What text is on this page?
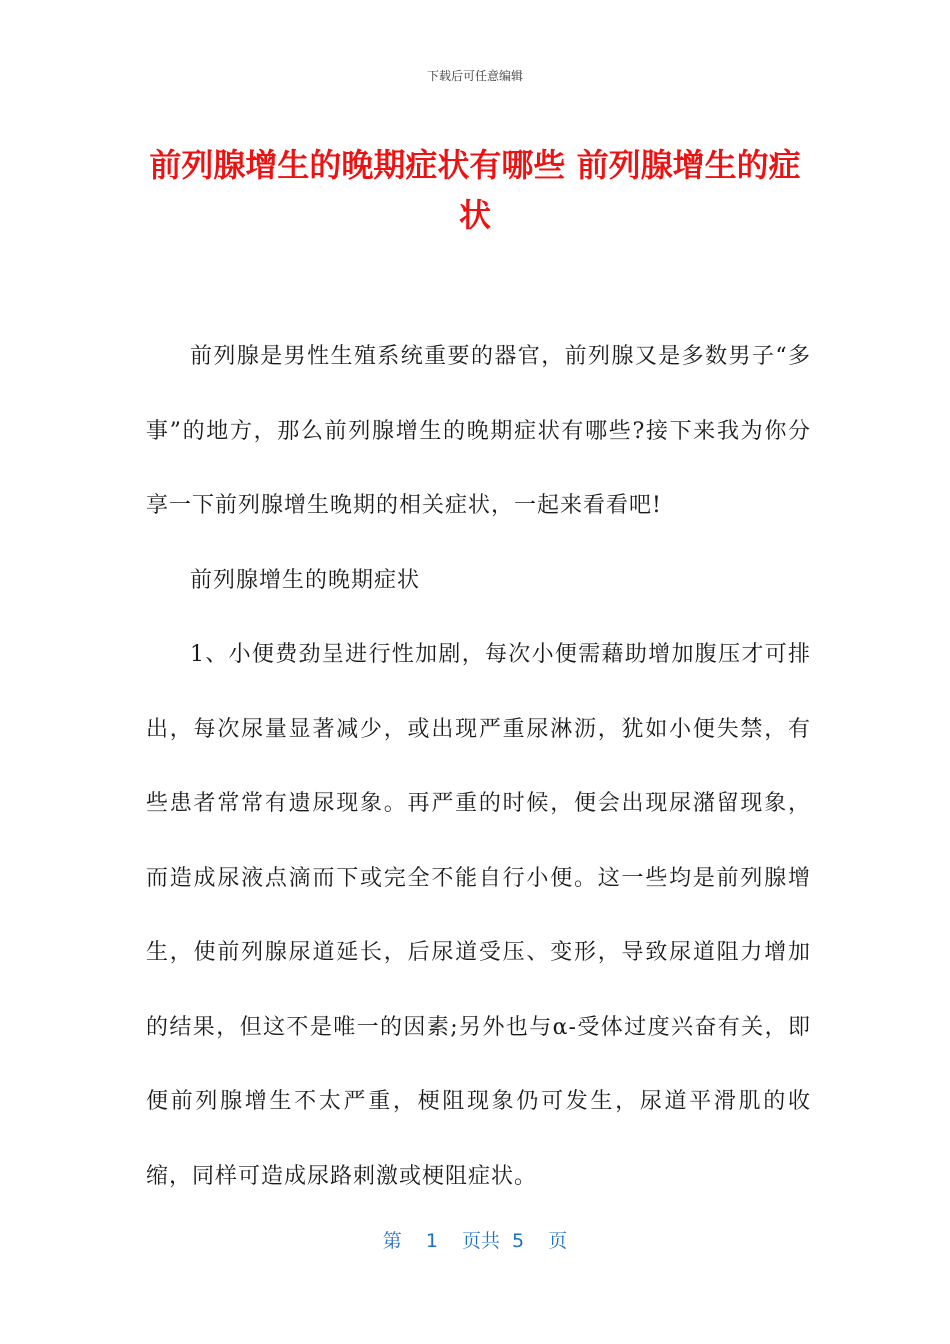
下载后可任意编辑
前列腺增生的晚期症状有哪些 前列腺增生的症状

前列腺是男性生殖系统重要的器官，前列腺又是多数男子“多事”的地方，那么前列腺增生的晚期症状有哪些?接下来我为你分享一下前列腺增生晚期的相关症状，一起来看看吧!

前列腺增生的晚期症状

1、小便费劲呈进行性加剧，每次小便需藉助增加腹压才可排出，每次尿量显著减少，或出现严重尿淋沥，犹如小便失禁，有些患者常常有遗尿现象。再严重的时候，便会出现尿潴留现象，而造成尿液点滴而下或完全不能自行小便。这一些均是前列腺增生，使前列腺尿道延长，后尿道受压、变形，导致尿道阻力增加的结果，但这不是唯一的因素;另外也与α-受体过度兴奋有关，即便前列腺增生不太严重，梗阻现象仍可发生，尿道平滑肌的收缩，同样可造成尿路刺激或梗阻症状。

第  1  页共 5  页
